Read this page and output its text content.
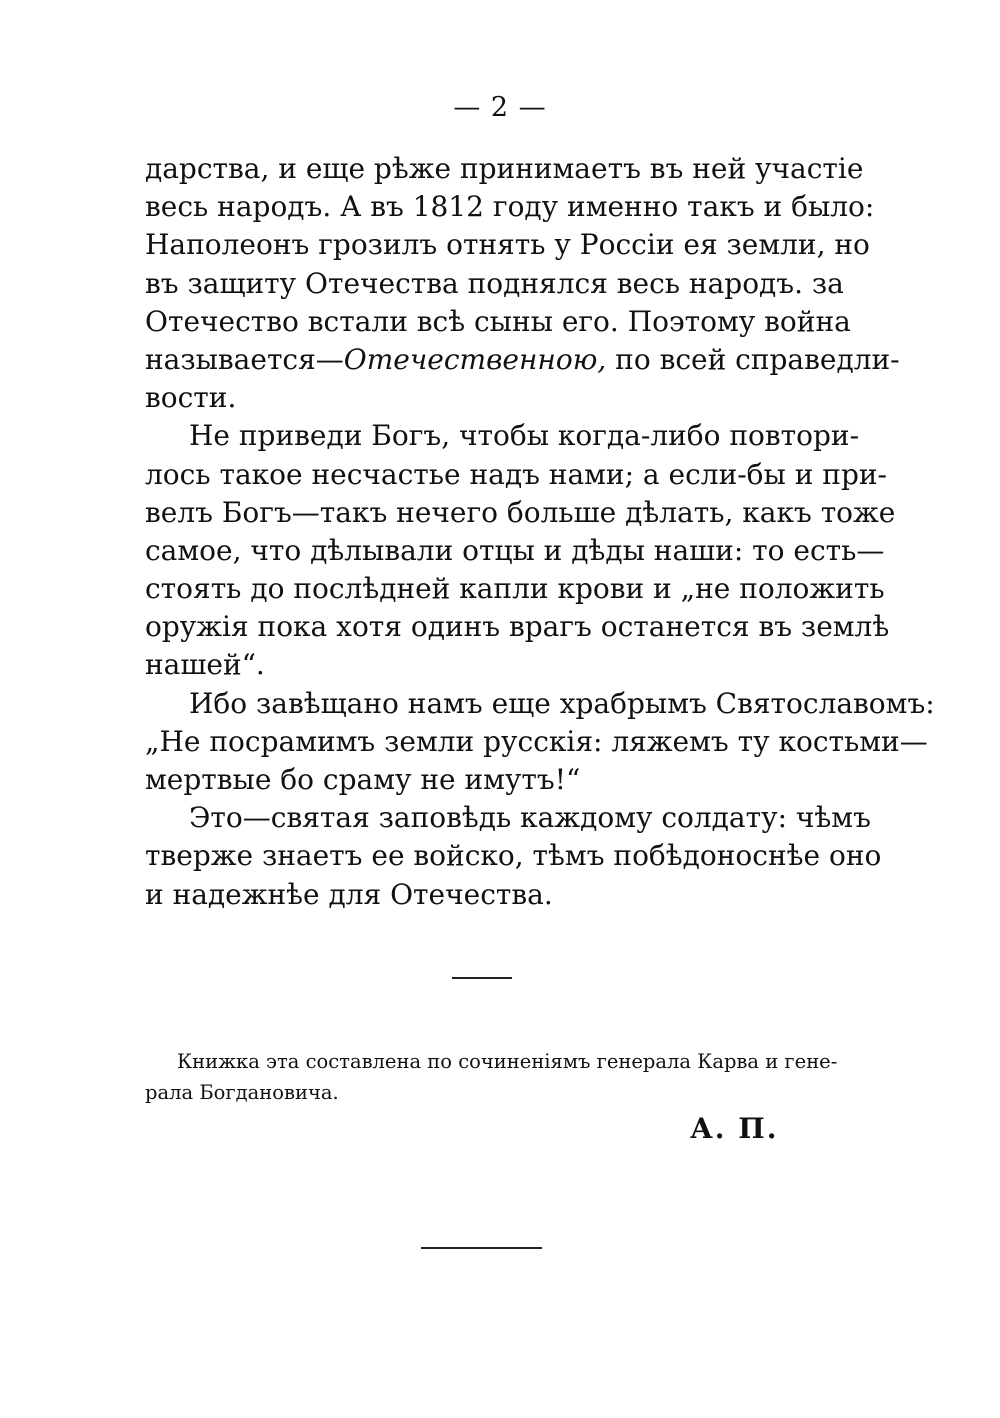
— 2 —
дарства, и еще рѣже принимаетъ въ ней участіе
весь народъ. А въ 1812 году именно такъ и было:
Наполеонъ грозилъ отнять у Россіи ея земли, но
въ защиту Отечества поднялся весь народъ. за
Отечество встали всѣ сыны его. Поэтому война
называется—Отечественною, по всей справедли-
вости.
Не приведи Богъ, чтобы когда-либо повтори-
лось такое несчастье надъ нами; а если-бы и при-
велъ Богъ—такъ нечего больше дѣлать, какъ тоже
самое, что дѣлывали отцы и дѣды наши: то есть—
стоять до послѣдней капли крови и „не положить
оружія пока хотя одинъ врагъ останется въ землѣ
нашей“.
Ибо завѣщано намъ еще храбрымъ Святославомъ:
„Не посрамимъ земли русскія: ляжемъ ту костьми—
мертвые бо сраму не имутъ!“
Это—святая заповѣдь каждому солдату: чѣмъ
тверже знаетъ ее войско, тѣмъ побѣдоноснѣе оно
и надежнѣе для Отечества.
Книжка эта составлена по сочиненіямъ генерала Карва и гене-
рала Богдановича.
А. П.
